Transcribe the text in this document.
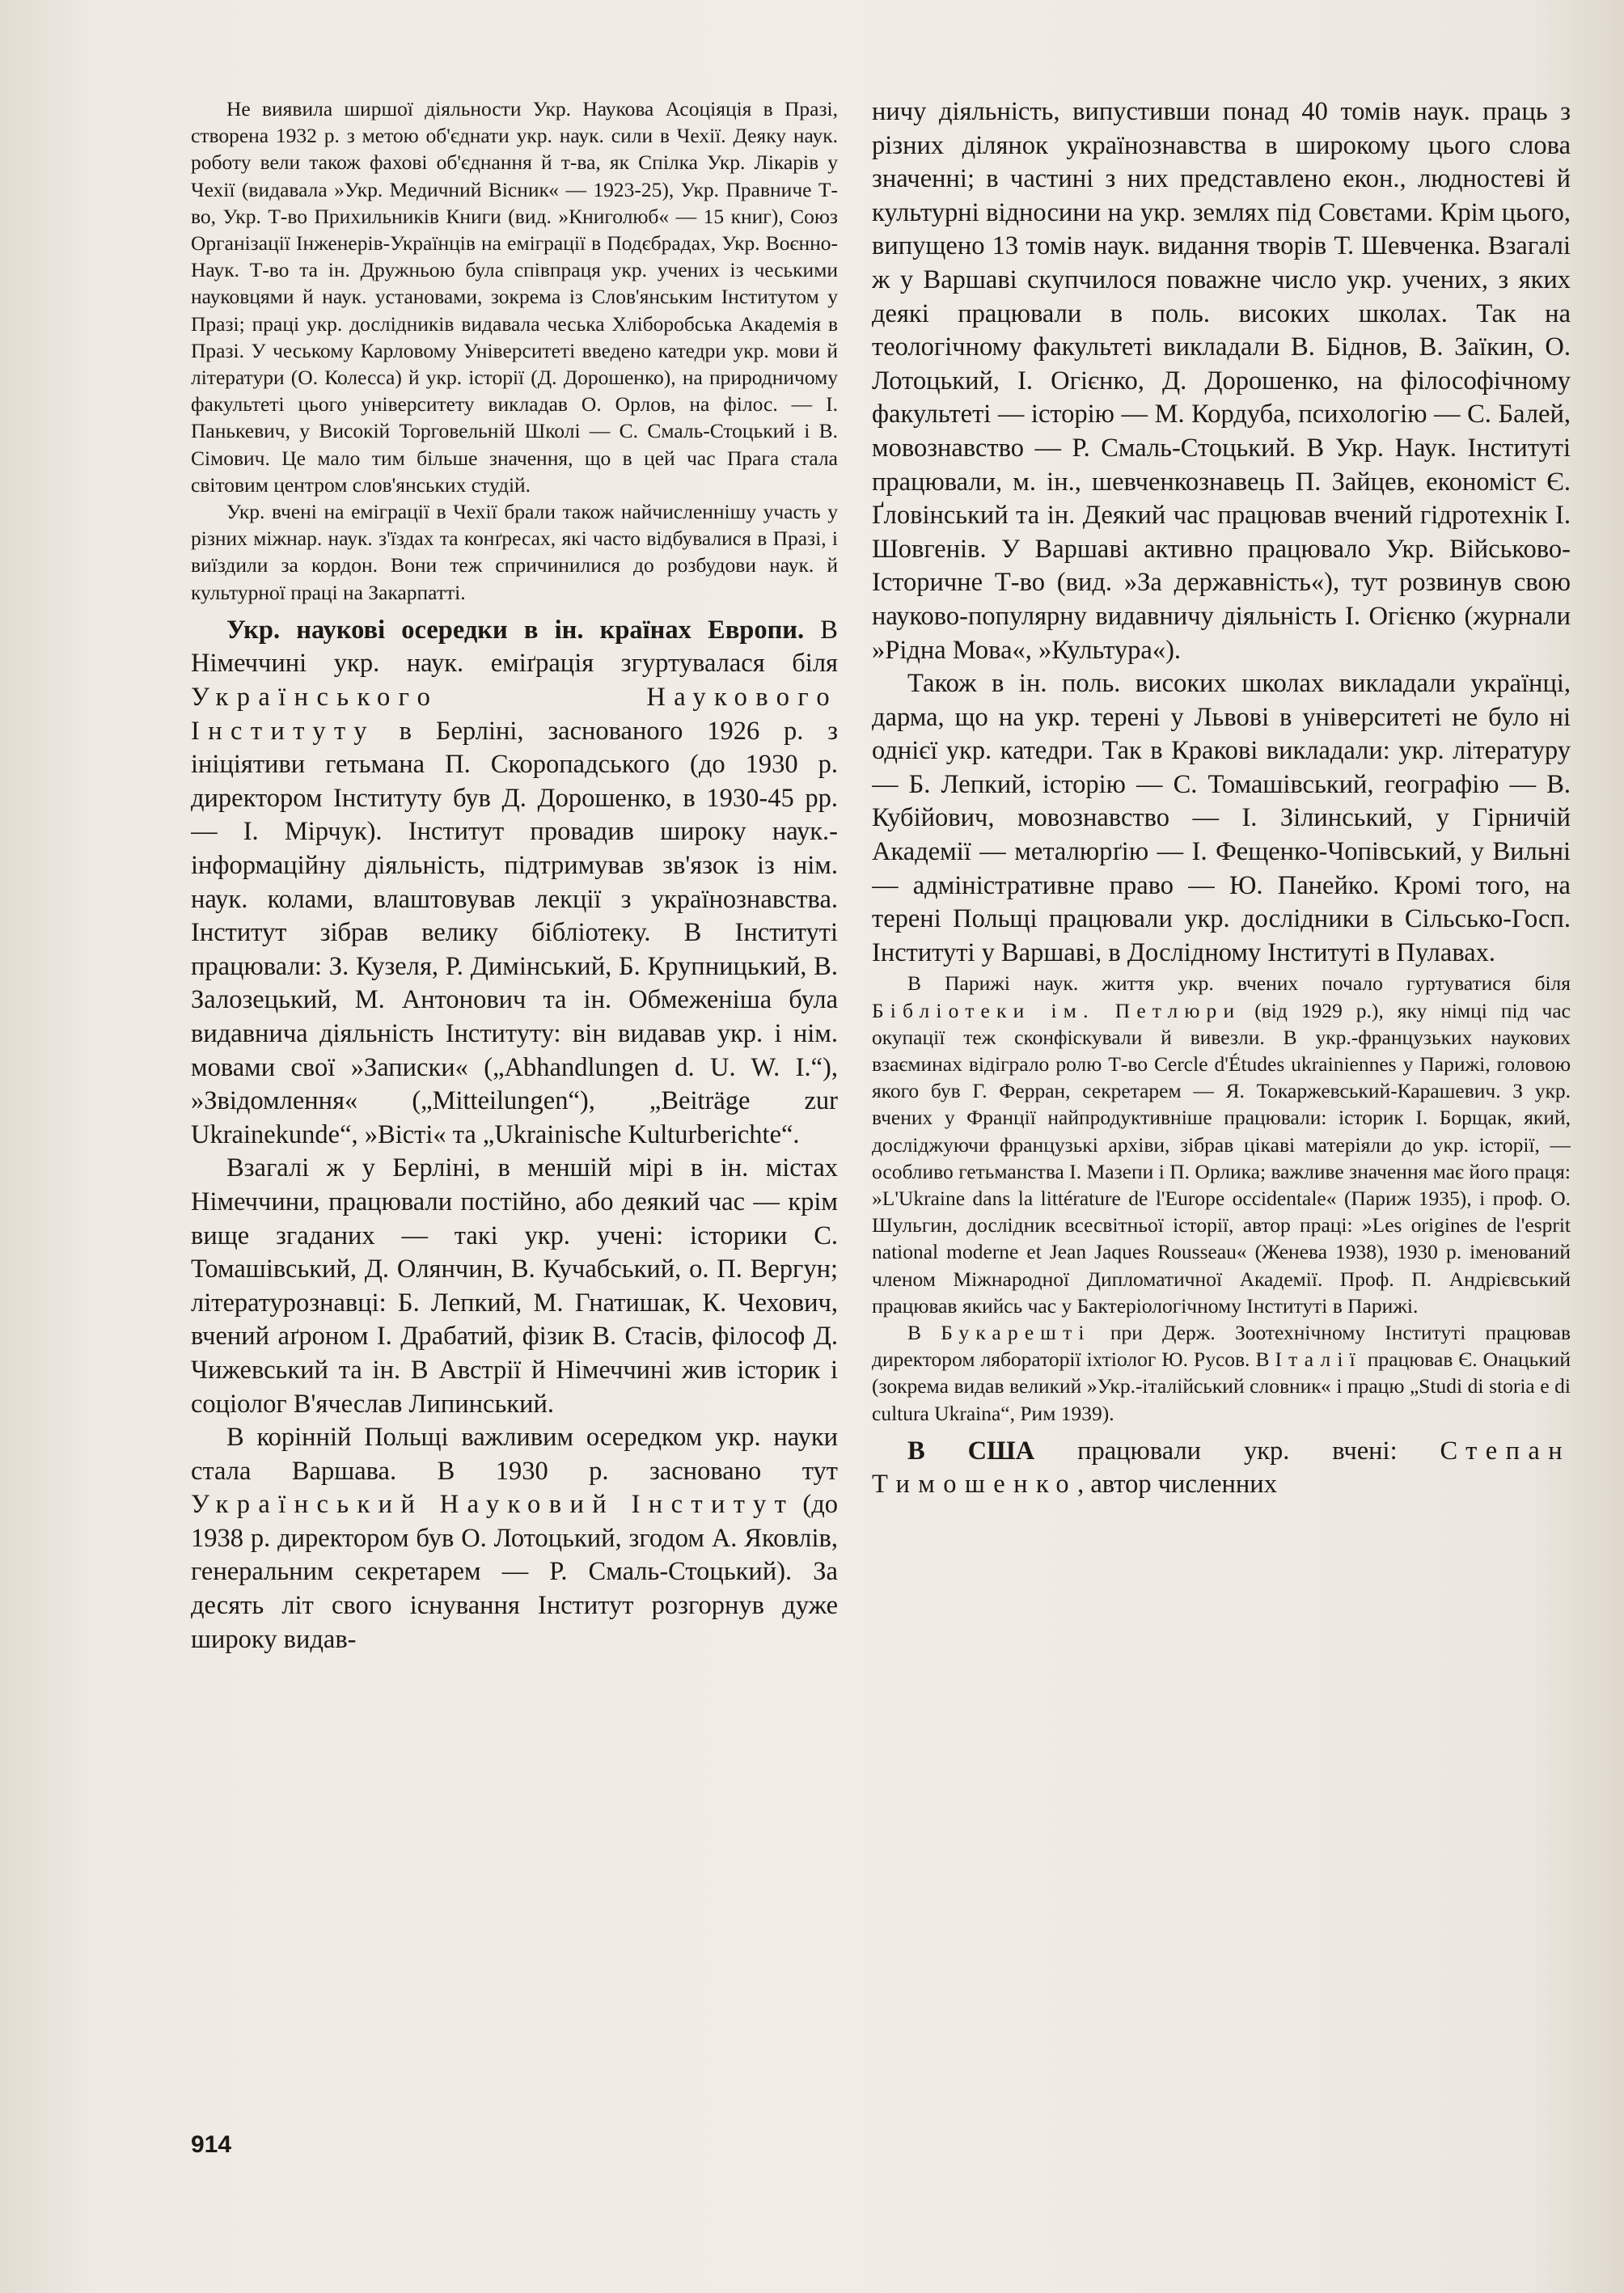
Не виявила ширшої діяльности Укр. Наукова Асоціяція в Празі, створена 1932 р. з метою об'єднати укр. наук. сили в Чехії. Деяку наук. роботу вели також фахові об'єднання й т-ва, як Спілка Укр. Лікарів у Чехії (видавала »Укр. Медичний Вісник« — 1923-25), Укр. Правниче Т-во, Укр. Т-во Прихильників Книги (вид. »Книголюб« — 15 книг), Союз Організації Інженерів-Українців на еміграції в Подєбрадах, Укр. Воєнно-Наук. Т-во та ін. Дружньою була співпраця укр. учених із чеськими науковцями й наук. установами, зокрема із Слов'янським Інститутом у Празі; праці укр. дослідників видавала чеська Хліборобська Академія в Празі. У чеському Карловому Університеті введено катедри укр. мови й літератури (О. Колесса) й укр. історії (Д. Дорошенко), на природничому факультеті цього університету викладав О. Орлов, на філос. — І. Панькевич, у Високій Торговельній Школі — С. Смаль-Стоцький і В. Сімович. Це мало тим більше значення, що в цей час Прага стала світовим центром слов'янських студій.

Укр. вчені на еміграції в Чехії брали також найчисленнішу участь у різних міжнар. наук. з'їздах та конґресах, які часто відбувалися в Празі, і виїздили за кордон. Вони теж спричинилися до розбудови наук. й культурної праці на Закарпатті.

Укр. наукові осередки в ін. країнах Европи. В Німеччині укр. наук. еміґрація згуртувалася біля Українського Наукового Інституту в Берліні, заснованого 1926 р. з ініціятиви гетьмана П. Скоропадського (до 1930 р. директором Інституту був Д. Дорошенко, в 1930-45 рр. — І. Мірчук). Інститут провадив широку наук.-інформаційну діяльність, підтримував зв'язок із нім. наук. колами, влаштовував лекції з українознавства. Інститут зібрав велику бібліотеку. В Інституті працювали: З. Кузеля, Р. Димінський, Б. Крупницький, В. Залозецький, М. Антонович та ін. Обмеженіша була видавнича діяльність Інституту: він видавав укр. і нім. мовами свої »Записки« („Abhandlungen d. U. W. I.“), »Звідомлення« („Mitteilungen“), „Beiträge zur Ukrainekunde“, »Вісті« та „Ukrainische Kulturberichte“.

Взагалі ж у Берліні, в меншій мірі в ін. містах Німеччини, працювали постійно, або деякий час — крім вище згаданих — такі укр. учені: історики С. Томашівський, Д. Олянчин, В. Кучабський, о. П. Вергун; літературознавці: Б. Лепкий, М. Гнатишак, К. Чехович, вчений аґроном І. Драбатий, фізик В. Стасів, філософ Д. Чижевський та ін. В Австрії й Німеччині жив історик і соціолог В'ячеслав Липинський.

В корінній Польщі важливим осередком укр. науки стала Варшава. В 1930 р. засновано тут Український Науковий Інститут (до 1938 р. директором був О. Лотоцький, згодом А. Яковлів, генеральним секретарем — Р. Смаль-Стоцький). За десять літ свого існування Інститут розгорнув дуже широку видав-

ничу діяльність, випустивши понад 40 томів наук. праць з різних ділянок українознавства в широкому цього слова значенні; в частині з них представлено екон., людностеві й культурні відносини на укр. землях під Совєтами. Крім цього, випущено 13 томів наук. видання творів Т. Шевченка. Взагалі ж у Варшаві скупчилося поважне число укр. учених, з яких деякі працювали в поль. високих школах. Так на теологічному факультеті викладали В. Біднов, В. Заїкин, О. Лотоцький, І. Огієнко, Д. Дорошенко, на філософічному факультеті — історію — М. Кордуба, психологію — С. Балей, мовознавство — Р. Смаль-Стоцький. В Укр. Наук. Інституті працювали, м. ін., шевченкознавець П. Зайцев, економіст Є. Ґловінський та ін. Деякий час працював вчений гідротехнік І. Шовгенів. У Варшаві активно працювало Укр. Військово-Історичне Т-во (вид. »За державність«), тут розвинув свою науково-популярну видавничу діяльність І. Огієнко (журнали »Рідна Мова«, »Культура«).

Також в ін. поль. високих школах викладали українці, дарма, що на укр. терені у Львові в університеті не було ні однієї укр. катедри. Так в Кракові викладали: укр. літературу — Б. Лепкий, історію — С. Томашівський, географію — В. Кубійович, мовознавство — І. Зілинський, у Гірничій Академії — металюрґію — І. Фещенко-Чопівський, у Вильні — адміністративне право — Ю. Панейко. Кромі того, на терені Польщі працювали укр. дослідники в Сільсько-Госп. Інституті у Варшаві, в Дослідному Інституті в Пулавах.

В Парижі наук. життя укр. вчених почало гуртуватися біля Бібліотеки ім. Петлюри (від 1929 р.), яку німці під час окупації теж сконфіскували й вивезли. В укр.-французьких наукових взаєминах відіграло ролю Т-во Cercle d'Études ukrainiennes у Парижі, головою якого був Г. Ферран, секретарем — Я. Токаржевський-Карашевич. З укр. вчених у Франції найпродуктивніше працювали: історик І. Борщак, який, досліджуючи французькі архіви, зібрав цікаві матеріяли до укр. історії, — особливо гетьманства І. Мазепи і П. Орлика; важливе значення має його праця: »L'Ukraine dans la littérature de l'Europe occidentale« (Париж 1935), і проф. О. Шульгин, дослідник всесвітньої історії, автор праці: »Les origines de l'esprit national moderne et Jean Jaques Rousseau« (Женева 1938), 1930 р. іменований членом Міжнародної Дипломатичної Академії. Проф. П. Андрієвський працював якийсь час у Бактеріологічному Інституті в Парижі.

В Букарешті при Держ. Зоотехнічному Інституті працював директором лябораторії іхтіолог Ю. Русов. В Італії працював Є. Онацький (зокрема видав великий »Укр.-італійський словник« і працю „Studi di storia e di cultura Ukraina“, Рим 1939).

В США працювали укр. вчені: Степан Тимошенко, автор численних

914
